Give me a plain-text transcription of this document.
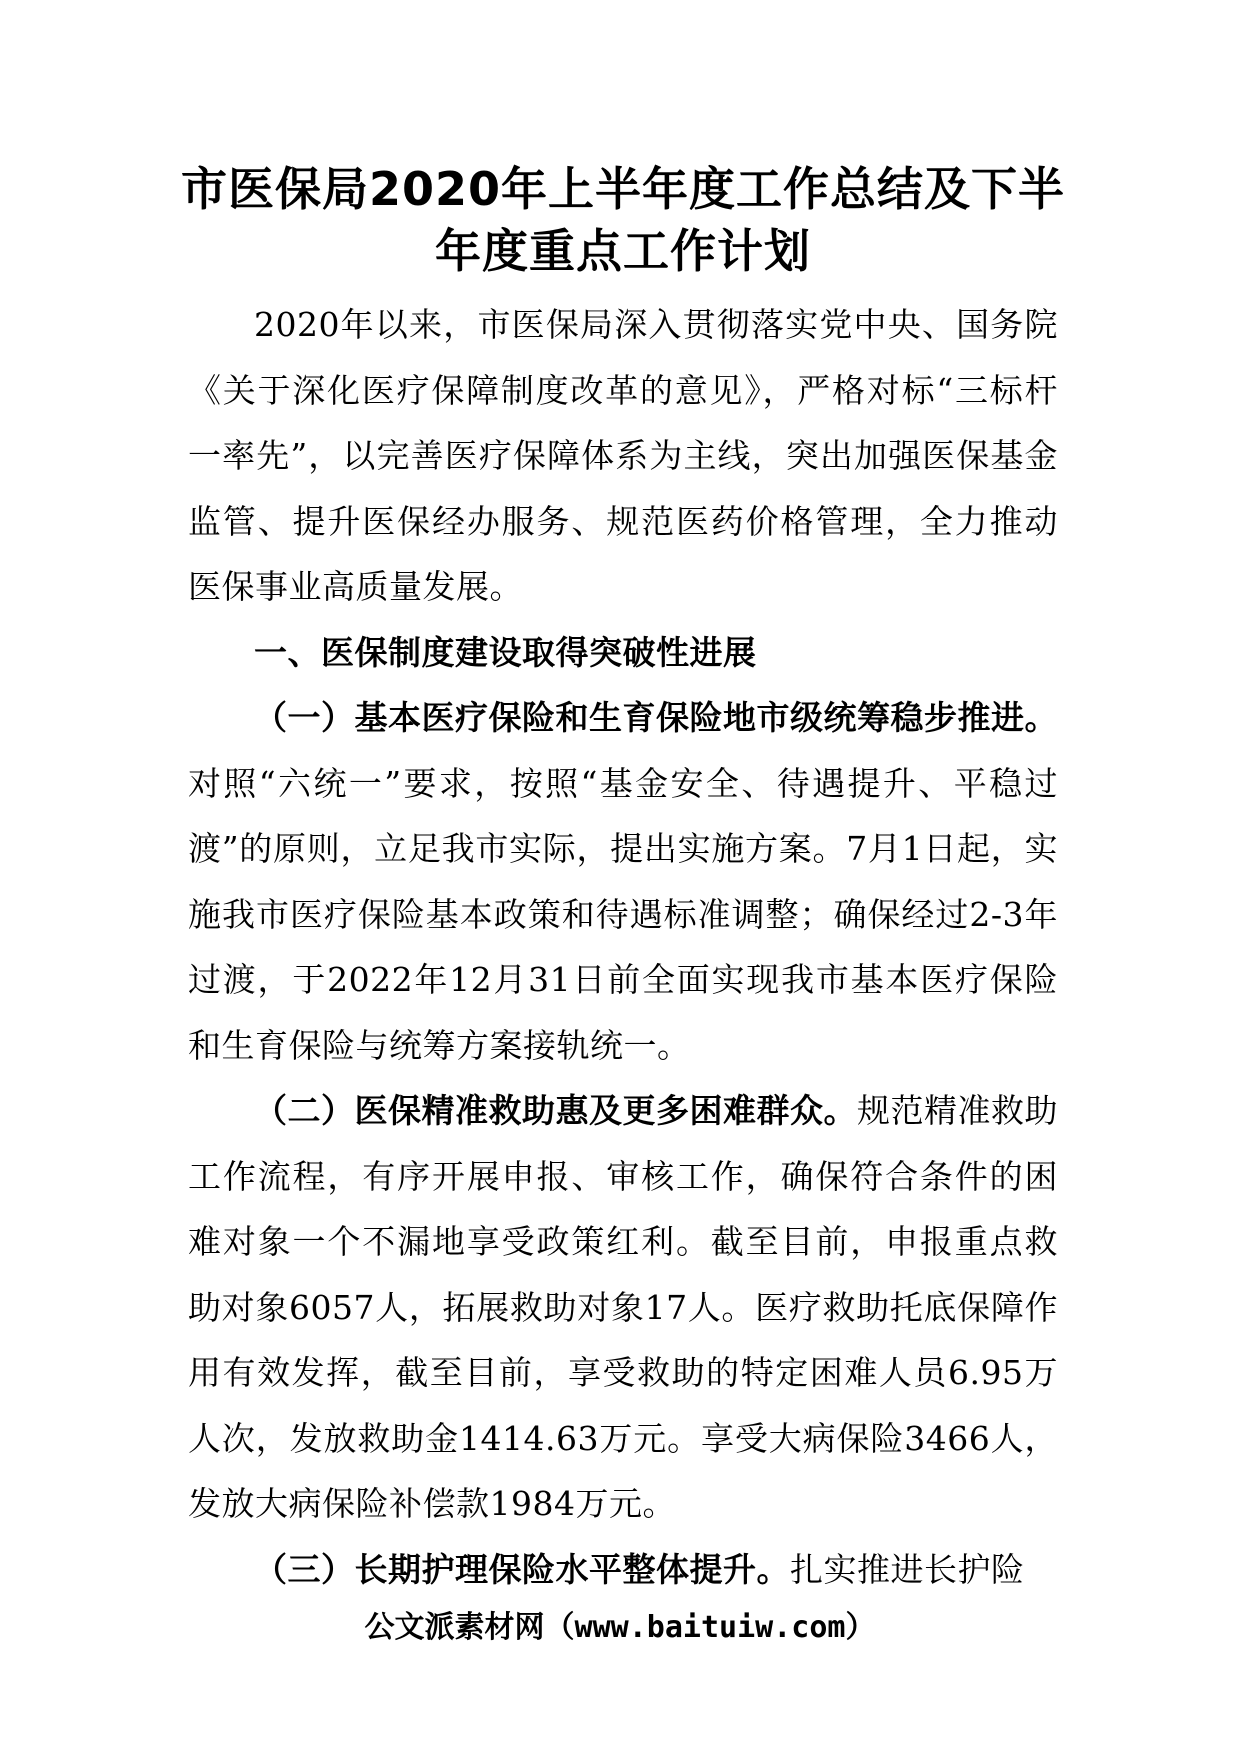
市医保局2020年上半年度工作总结及下半年度重点工作计划

2020年以来，市医保局深入贯彻落实党中央、国务院《关于深化医疗保障制度改革的意见》，严格对标“三标杆一率先”，以完善医疗保障体系为主线，突出加强医保基金监管、提升医保经办服务、规范医药价格管理，全力推动医保事业高质量发展。

一、医保制度建设取得突破性进展

（一）基本医疗保险和生育保险地市级统筹稳步推进。对照“六统一”要求，按照“基金安全、待遇提升、平稳过渡”的原则，立足我市实际，提出实施方案。7月1日起，实施我市医疗保险基本政策和待遇标准调整；确保经过2-3年过渡，于2022年12月31日前全面实现我市基本医疗保险和生育保险与统筹方案接轨统一。

（二）医保精准救助惠及更多困难群众。规范精准救助工作流程，有序开展申报、审核工作，确保符合条件的困难对象一个不漏地享受政策红利。截至目前，申报重点救助对象6057人，拓展救助对象17人。医疗救助托底保障作用有效发挥，截至目前，享受救助的特定困难人员6.95万人次，发放救助金1414.63万元。享受大病保险3466人，发放大病保险补偿款1984万元。

（三）长期护理保险水平整体提升。扎实推进长护险

公文派素材网（www.baituiw.com）
